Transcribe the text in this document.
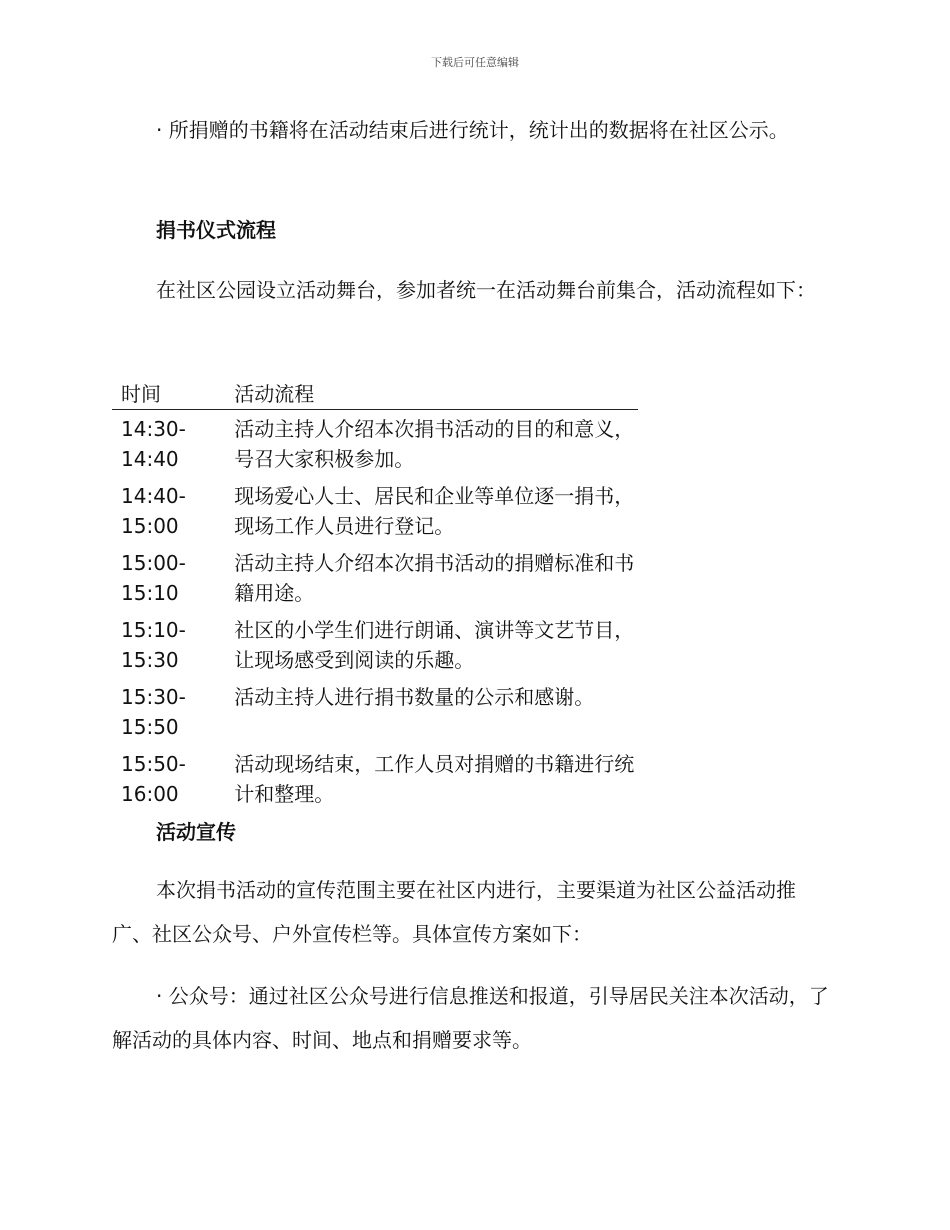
下载后可任意编辑

· 所捐赠的书籍将在活动结束后进行统计，统计出的数据将在社区公示。

捐书仪式流程

在社区公园设立活动舞台，参加者统一在活动舞台前集合，活动流程如下：

时间	活动流程
14:30-
14:40	活动主持人介绍本次捐书活动的目的和意义，号召大家积极参加。
14:40-
15:00	现场爱心人士、居民和企业等单位逐一捐书，现场工作人员进行登记。
15:00-
15:10	活动主持人介绍本次捐书活动的捐赠标准和书籍用途。
15:10-
15:30	社区的小学生们进行朗诵、演讲等文艺节目，让现场感受到阅读的乐趣。
15:30-
15:50	活动主持人进行捐书数量的公示和感谢。
15:50-
16:00	活动现场结束，工作人员对捐赠的书籍进行统计和整理。
活动宣传

本次捐书活动的宣传范围主要在社区内进行，主要渠道为社区公益活动推广、社区公众号、户外宣传栏等。具体宣传方案如下：

· 公众号：通过社区公众号进行信息推送和报道，引导居民关注本次活动，了解活动的具体内容、时间、地点和捐赠要求等。
